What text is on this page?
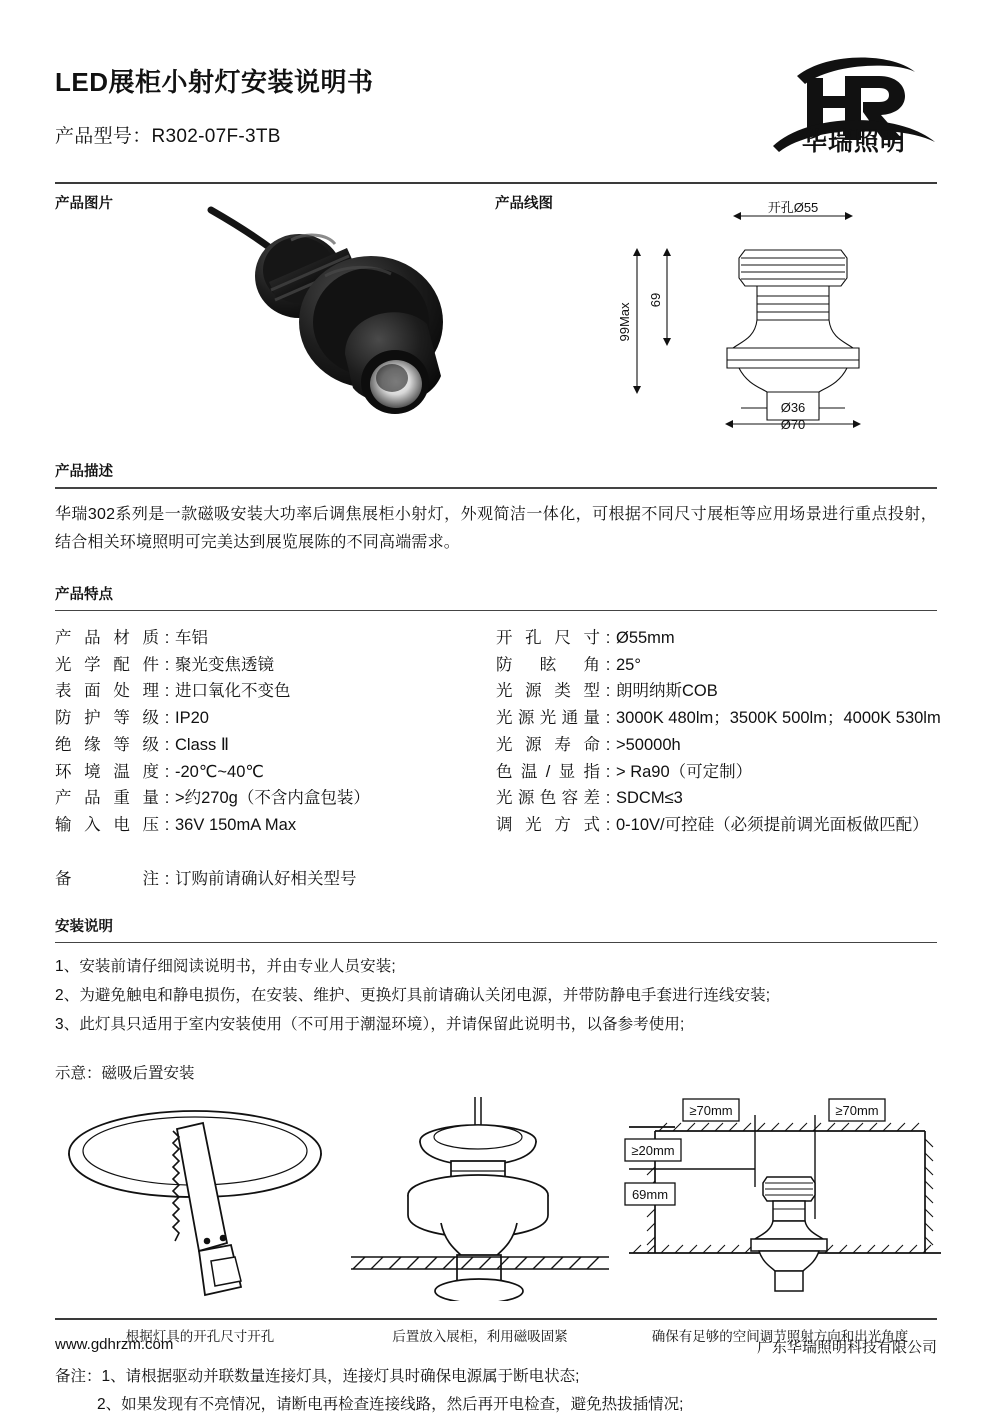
LED展柜小射灯安装说明书
产品型号：R302-07F-3TB	华瑞照明
产品图片	产品线图	开孔Ø55
99Max
69
Ø36
Ø70
产品描述

华瑞302系列是一款磁吸安装大功率后调焦展柜小射灯，外观简洁一体化，可根据不同尺寸展柜等应用场景进行重点投射，结合相关环境照明可完美达到展览展陈的不同高端需求。

产品特点
产品材质 : 车铝
光学配件 : 聚光变焦透镜
表面处理 : 进口氧化不变色
防护等级 : IP20
绝缘等级 : Class Ⅱ
环境温度 : -20℃~40℃
产品重量 : >约270g（不含内盒包装）
输入电压 : 36V 150mA Max
开孔尺寸 : Ø55mm
防眩角 : 25°
光源类型 : 朗明纳斯COB
光源光通量 : 3000K 480lm；3500K 500lm；4000K 530lm
光源寿命 : >50000h
色温/显指 : > Ra90（可定制）
光源色容差 : SDCM≤3
调光方式 : 0-10V/可控硅（必须提前调光面板做匹配）
备注 : 订购前请确认好相关型号
安装说明
1、安装前请仔细阅读说明书，并由专业人员安装;
2、为避免触电和静电损伤，在安装、维护、更换灯具前请确认关闭电源，并带防静电手套进行连线安装;
3、此灯具只适用于室内安装使用（不可用于潮湿环境），并请保留此说明书，以备参考使用;
示意：磁吸后置安装
≥70mm	≥70mm
≥20mm
69mm
根据灯具的开孔尺寸开孔	后置放入展柜，利用磁吸固紧	确保有足够的空间调节照射方向和出光角度
备注：1、请根据驱动并联数量连接灯具，连接灯具时确保电源属于断电状态;
2、如果发现有不亮情况，请断电再检查连接线路，然后再开电检查，避免热拔插情况;
www.gdhrzm.com	广东华瑞照明科技有限公司
